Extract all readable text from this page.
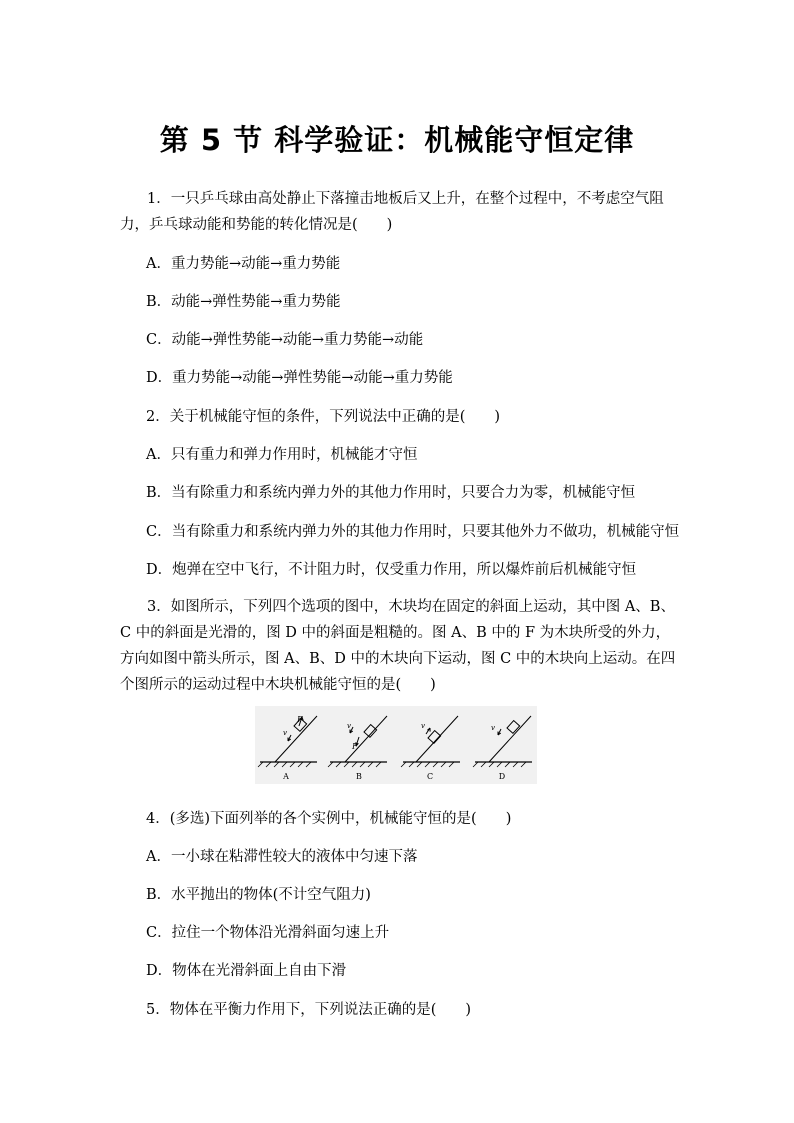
第 5 节 科学验证：机械能守恒定律
1．一只乒乓球由高处静止下落撞击地板后又上升，在整个过程中，不考虑空气阻力，乒乓球动能和势能的转化情况是(　　)
A．重力势能→动能→重力势能
B．动能→弹性势能→重力势能
C．动能→弹性势能→动能→重力势能→动能
D．重力势能→动能→弹性势能→动能→重力势能
2．关于机械能守恒的条件，下列说法中正确的是(　　)
A．只有重力和弹力作用时，机械能才守恒
B．当有除重力和系统内弹力外的其他力作用时，只要合力为零，机械能守恒
C．当有除重力和系统内弹力外的其他力作用时，只要其他外力不做功，机械能守恒
D．炮弹在空中飞行，不计阻力时，仅受重力作用，所以爆炸前后机械能守恒
3．如图所示，下列四个选项的图中，木块均在固定的斜面上运动，其中图 A、B、C 中的斜面是光滑的，图 D 中的斜面是粗糙的。图 A、B 中的 F 为木块所受的外力，方向如图中箭头所示，图 A、B、D 中的木块向下运动，图 C 中的木块向上运动。在四个图所示的运动过程中木块机械能守恒的是(　　)
F
v
v
F
v	v
A	B	C	D
4．(多选)下面列举的各个实例中，机械能守恒的是(　　)
A．一小球在粘滞性较大的液体中匀速下落
B．水平抛出的物体(不计空气阻力)
C．拉住一个物体沿光滑斜面匀速上升
D．物体在光滑斜面上自由下滑
5．物体在平衡力作用下，下列说法正确的是(　　)
